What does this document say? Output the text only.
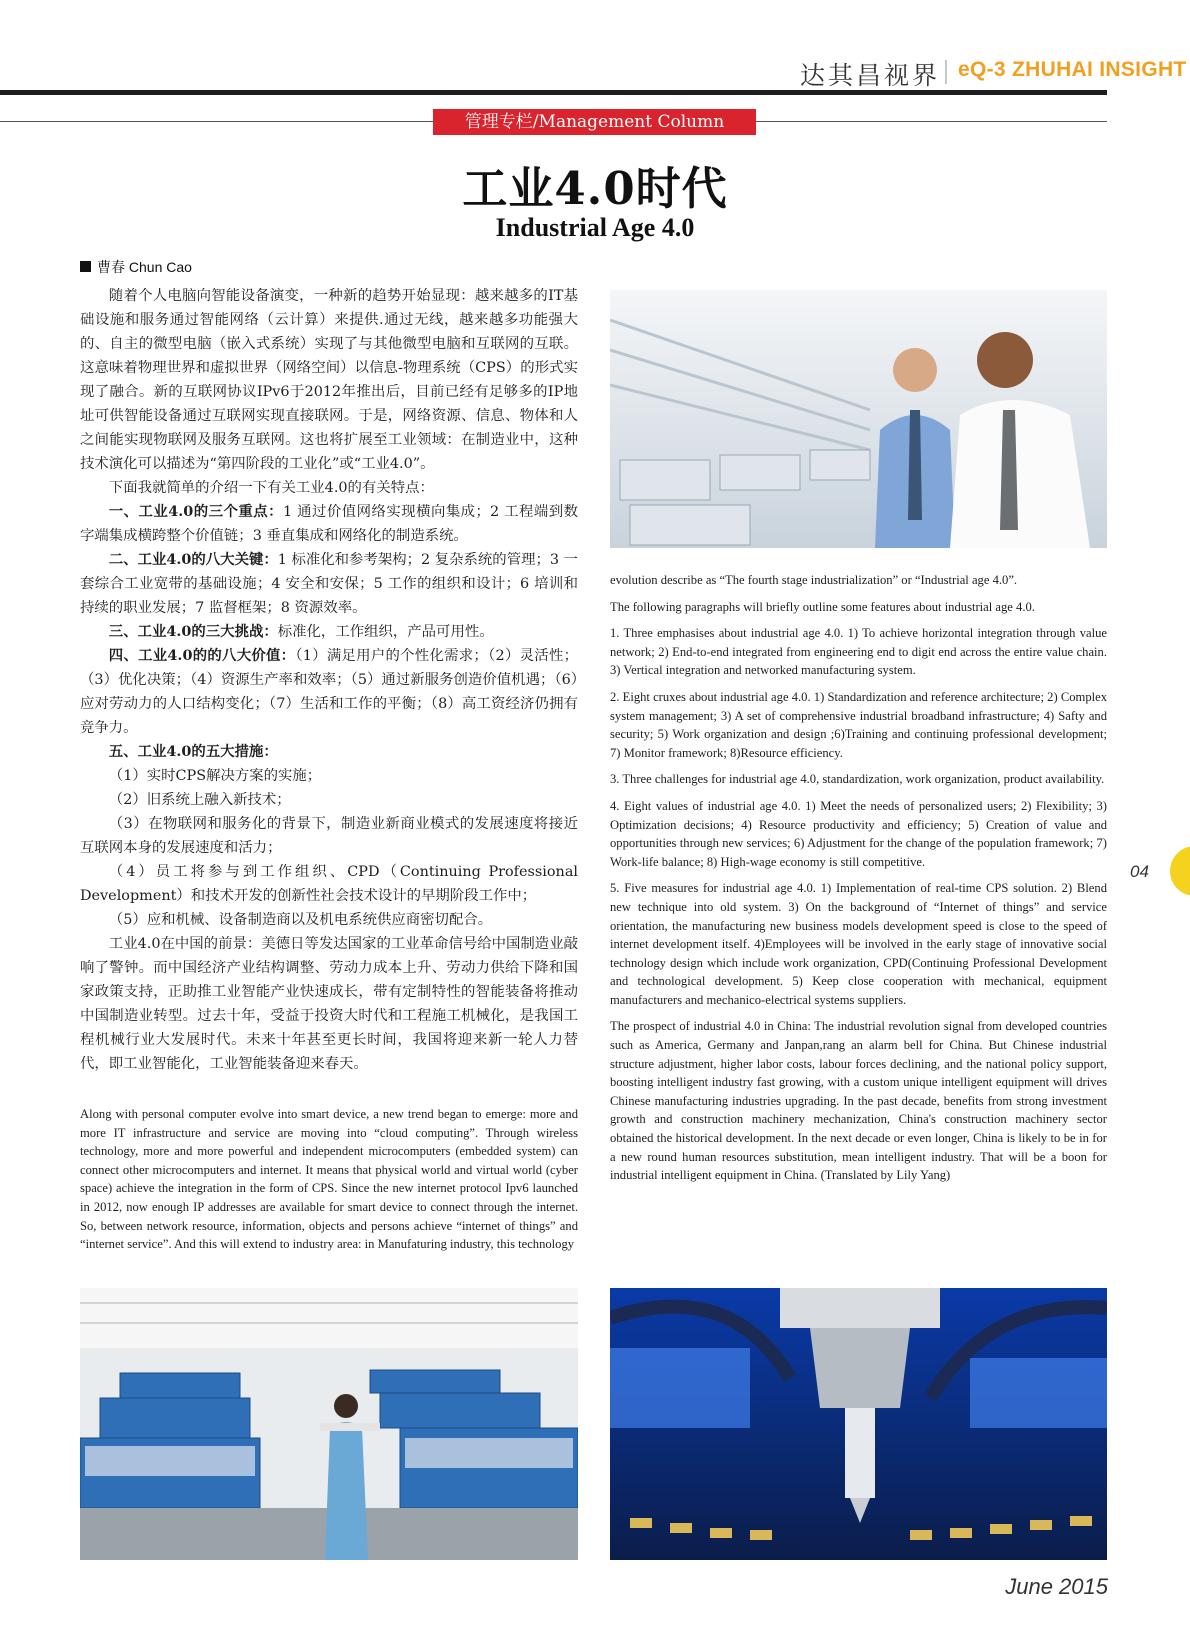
达其昌视界 eQ-3 ZHUHAI INSIGHT
管理专栏/Management Column
工业4.0时代
Industrial Age 4.0
曹春 Chun Cao

随着个人电脑向智能设备演变，一种新的趋势开始显现：越来越多的IT基础设施和服务通过智能网络（云计算）来提供.通过无线，越来越多功能强大的、自主的微型电脑（嵌入式系统）实现了与其他微型电脑和互联网的互联。这意味着物理世界和虚拟世界（网络空间）以信息-物理系统（CPS）的形式实现了融合。新的互联网协议IPv6于2012年推出后，目前已经有足够多的IP地址可供智能设备通过互联网实现直接联网。于是，网络资源、信息、物体和人之间能实现物联网及服务互联网。这也将扩展至工业领域：在制造业中，这种技术演化可以描述为“第四阶段的工业化”或“工业4.0”。

下面我就简单的介绍一下有关工业4.0的有关特点：

一、工业4.0的三个重点：1 通过价值网络实现横向集成；2 工程端到数字端集成横跨整个价值链；3 垂直集成和网络化的制造系统。

二、工业4.0的八大关键：1 标准化和参考架构；2 复杂系统的管理；3 一套综合工业宽带的基础设施；4 安全和安保；5 工作的组织和设计；6 培训和持续的职业发展；7 监督框架；8 资源效率。

三、工业4.0的三大挑战：标准化，工作组织，产品可用性。

四、工业4.0的的八大价值：（1）满足用户的个性化需求；（2）灵活性；（3）优化决策；（4）资源生产率和效率；（5）通过新服务创造价值机遇；（6）应对劳动力的人口结构变化；（7）生活和工作的平衡；（8）高工资经济仍拥有竞争力。

五、工业4.0的五大措施：

（1）实时CPS解决方案的实施；

（2）旧系统上融入新技术；

（3）在物联网和服务化的背景下，制造业新商业模式的发展速度将接近互联网本身的发展速度和活力；

（4）员工将参与到工作组织、CPD（Continuing Professional Development）和技术开发的创新性社会技术设计的早期阶段工作中；

（5）应和机械、设备制造商以及机电系统供应商密切配合。

工业4.0在中国的前景：美德日等发达国家的工业革命信号给中国制造业敲响了警钟。而中国经济产业结构调整、劳动力成本上升、劳动力供给下降和国家政策支持，正助推工业智能产业快速成长，带有定制特性的智能装备将推动中国制造业转型。过去十年，受益于投资大时代和工程施工机械化，是我国工程机械行业大发展时代。未来十年甚至更长时间，我国将迎来新一轮人力替代，即工业智能化，工业智能装备迎来春天。

Along with personal computer evolve into smart device, a new trend began to emerge: more and more IT infrastructure and service are moving into “cloud computing”. Through wireless technology, more and more powerful and independent microcomputers (embedded system) can connect other microcomputers and internet. It means that physical world and virtual world (cyber space) achieve the integration in the form of CPS. Since the new internet protocol Ipv6 launched in 2012, now enough IP addresses are available for smart device to connect through the internet. So, between network resource, information, objects and persons achieve “internet of things” and “internet service”. And this will extend to industry area: in Manufaturing industry, this technology

evolution describe as “The fourth stage industrialization” or “Industrial age 4.0”.

The following paragraphs will briefly outline some features about industrial age 4.0.

1. Three emphasises about industrial age 4.0. 1) To achieve horizontal integration through value network; 2) End-to-end integrated from engineering end to digit end across the entire value chain. 3) Vertical integration and networked manufacturing system.

2. Eight cruxes about industrial age 4.0. 1) Standardization and reference architecture; 2) Complex system management; 3) A set of comprehensive industrial broadband infrastructure; 4) Safty and security; 5) Work organization and design ;6)Training and continuing professional development; 7) Monitor framework; 8)Resource efficiency.

3. Three challenges for industrial age 4.0, standardization, work organization, product availability.

4. Eight values of industrial age 4.0. 1) Meet the needs of personalized users; 2) Flexibility; 3) Optimization decisions; 4) Resource productivity and efficiency; 5) Creation of value and opportunities through new services; 6) Adjustment for the change of the population framework; 7) Work-life balance; 8) High-wage economy is still competitive.

5. Five measures for industrial age 4.0. 1) Implementation of real-time CPS solution. 2) Blend new technique into old system. 3) On the background of “Internet of things” and service orientation, the manufacturing new business models development speed is close to the speed of internet development itself. 4)Employees will be involved in the early stage of innovative social technology design which include work organization, CPD(Continuing Professional Development and technological development. 5) Keep close cooperation with mechanical, equipment manufacturers and mechanico-electrical systems suppliers.

The prospect of industrial 4.0 in China: The industrial revolution signal from developed countries such as America, Germany and Janpan,rang an alarm bell for China. But Chinese industrial structure adjustment, higher labor costs, labour forces declining, and the national policy support, boosting intelligent industry fast growing, with a custom unique intelligent equipment will drives Chinese manufacturing industries upgrading. In the past decade, benefits from strong investment growth and construction machinery mechanization, China's construction machinery sector obtained the historical development. In the next decade or even longer, China is likely to be in for a new round human resources substitution, mean intelligent industry. That will be a boon for industrial intelligent equipment in China. (Translated by Lily Yang)

04
June 2015
